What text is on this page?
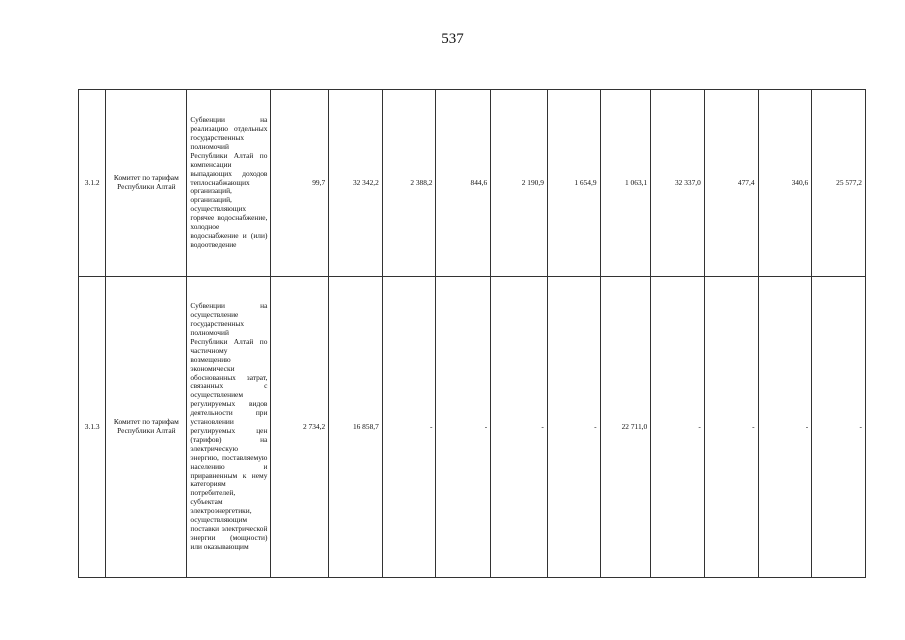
537
3.1.2	Комитет по тарифам Республики Алтай	Субвенции на реализацию отдельных государственных полномочий Республики Алтай по компенсации выпадающих доходов теплоснабжающих организаций, организаций, осуществляющих горячее водоснабжение, холодное водоснабжение и (или) водоотведение	99,7	32 342,2	2 388,2	844,6	2 190,9	1 654,9	1 063,1	32 337,0	477,4	340,6	25 577,2
3.1.3	Комитет по тарифам Республики Алтай	Субвенции на осуществление государственных полномочий Республики Алтай по частичному возмещению экономически обоснованных затрат, связанных с осуществлением регулируемых видов деятельности при установлении регулируемых цен (тарифов) на электрическую энергию, поставляемую населению и приравненным к нему категориям потребителей, субъектам электроэнергетики, осуществляющим поставки электрической энергии (мощности) или оказывающим	2 734,2	16 858,7	-	-	-	-	22 711,0	-	-	-	-
